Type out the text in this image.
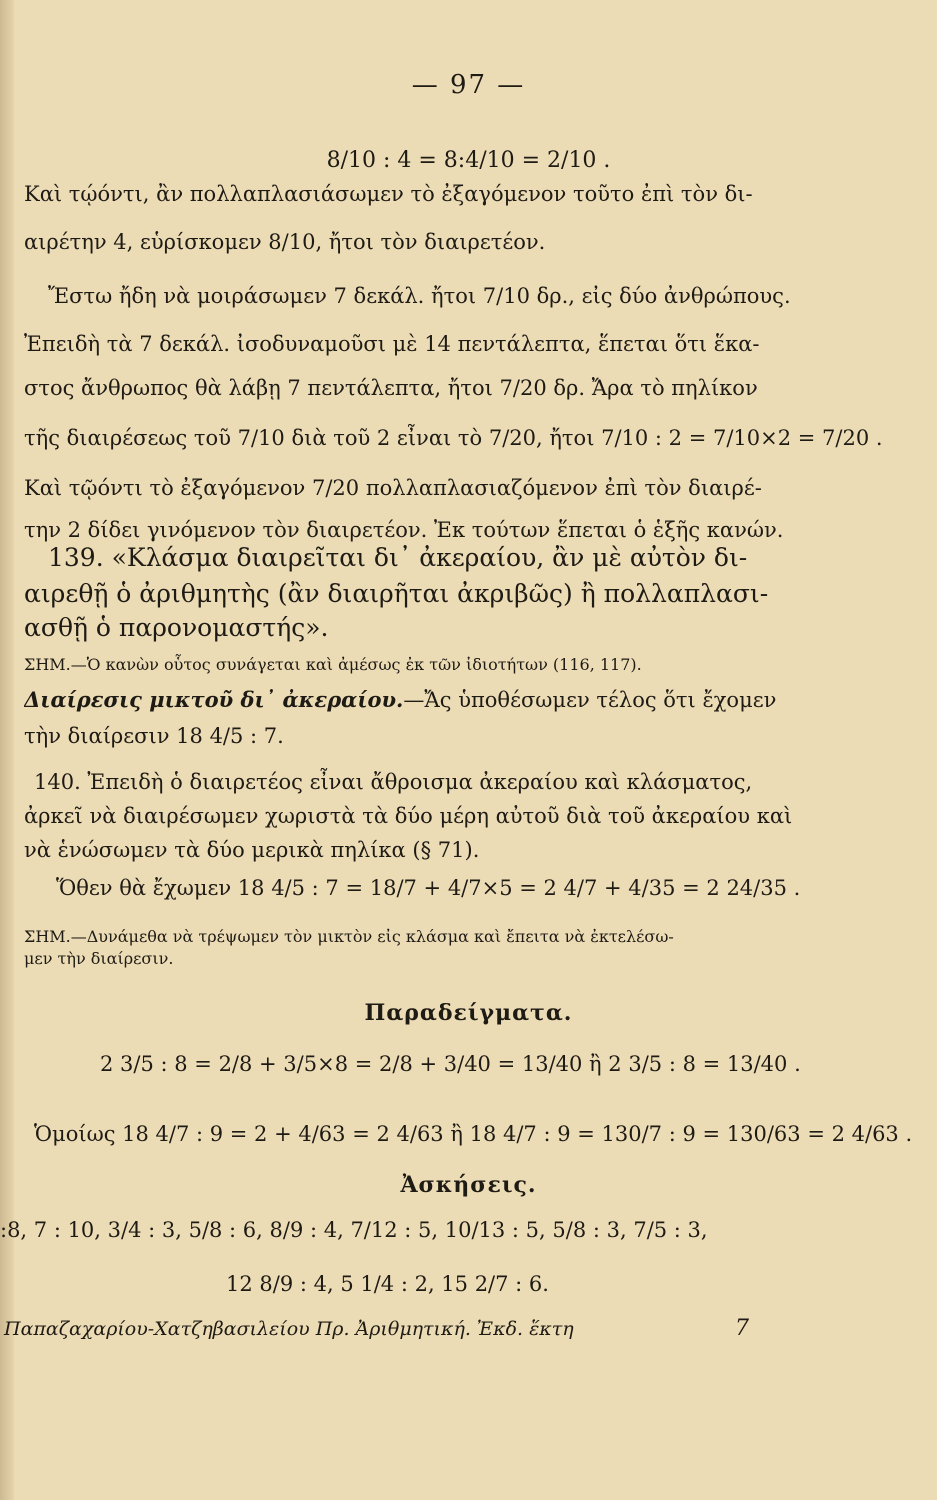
— 97 —
8/10 : 4 = 8:4/10 = 2/10 .
Καὶ τῴόντι, ἂν πολλαπλασιάσωμεν τὸ ἐξαγόμενον τοῦτο ἐπὶ τὸν δι-
αιρέτην 4, εὑρίσκομεν 8/10, ἤτοι τὸν διαιρετέον.
Ἔστω ἤδη νὰ μοιράσωμεν 7 δεκάλ. ἤτοι 7/10 δρ., εἰς δύο ἀνθρώπους.
Ἐπειδὴ τὰ 7 δεκάλ. ἰσοδυναμοῦσι μὲ 14 πεντάλεπτα, ἕπεται ὅτι ἕκα-
στος ἄνθρωπος θὰ λάβῃ 7 πεντάλεπτα, ἤτοι 7/20 δρ. Ἄρα τὸ πηλίκον
τῆς διαιρέσεως τοῦ 7/10 διὰ τοῦ 2 εἶναι τὸ 7/20, ἤτοι 7/10 : 2 = 7/10×2 = 7/20 .
Καὶ τῷόντι τὸ ἐξαγόμενον 7/20 πολλαπλασιαζόμενον ἐπὶ τὸν διαιρέ-
την 2 δίδει γινόμενον τὸν διαιρετέον. Ἐκ τούτων ἕπεται ὁ ἑξῆς κανών.
139. «Κλάσμα διαιρεῖται δι᾽ ἀκεραίου, ἂν μὲ αὐτὸν δι-
αιρεθῇ ὁ ἀριθμητὴς (ἂν διαιρῆται ἀκριβῶς) ἢ πολλαπλασι-
ασθῇ ὁ παρονομαστής».
ΣΗΜ.—Ὁ κανὼν οὗτος συνάγεται καὶ ἀμέσως ἐκ τῶν ἰδιοτήτων (116, 117).
Διαίρεσις μικτοῦ δι᾽ ἀκεραίου.—Ἄς ὑποθέσωμεν τέλος ὅτι ἔχομεν
τὴν διαίρεσιν 18 4/5 : 7.
140. Ἐπειδὴ ὁ διαιρετέος εἶναι ἄθροισμα ἀκεραίου καὶ κλάσματος,
ἀρκεῖ νὰ διαιρέσωμεν χωριστὰ τὰ δύο μέρη αὐτοῦ διὰ τοῦ ἀκεραίου καὶ
νὰ ἑνώσωμεν τὰ δύο μερικὰ πηλίκα (§ 71).
Ὅθεν θὰ ἔχωμεν 18 4/5 : 7 = 18/7 + 4/7×5 = 2 4/7 + 4/35 = 2 24/35 .
ΣΗΜ.—Δυνάμεθα νὰ τρέψωμεν τὸν μικτὸν εἰς κλάσμα καὶ ἔπειτα νὰ ἐκτελέσω-
μεν τὴν διαίρεσιν.
Παραδείγματα.
2 3/5 : 8 = 2/8 + 3/5×8 = 2/8 + 3/40 = 13/40 ἢ 2 3/5 : 8 = 13/40 .
Ὁμοίως 18 4/7 : 9 = 2 + 4/63 = 2 4/63 ἢ 18 4/7 : 9 = 130/7 : 9 = 130/63 = 2 4/63 .
Ἀσκήσεις.
:8, 7 : 10, 3/4 : 3, 5/8 : 6, 8/9 : 4, 7/12 : 5, 10/13 : 5, 5/8 : 3, 7/5 : 3,
12 8/9 : 4, 5 1/4 : 2, 15 2/7 : 6.
Παπαζαχαρίου-Χατζηβασιλείου Πρ. Ἀριθμητική. Ἐκδ. ἕκτη	7
